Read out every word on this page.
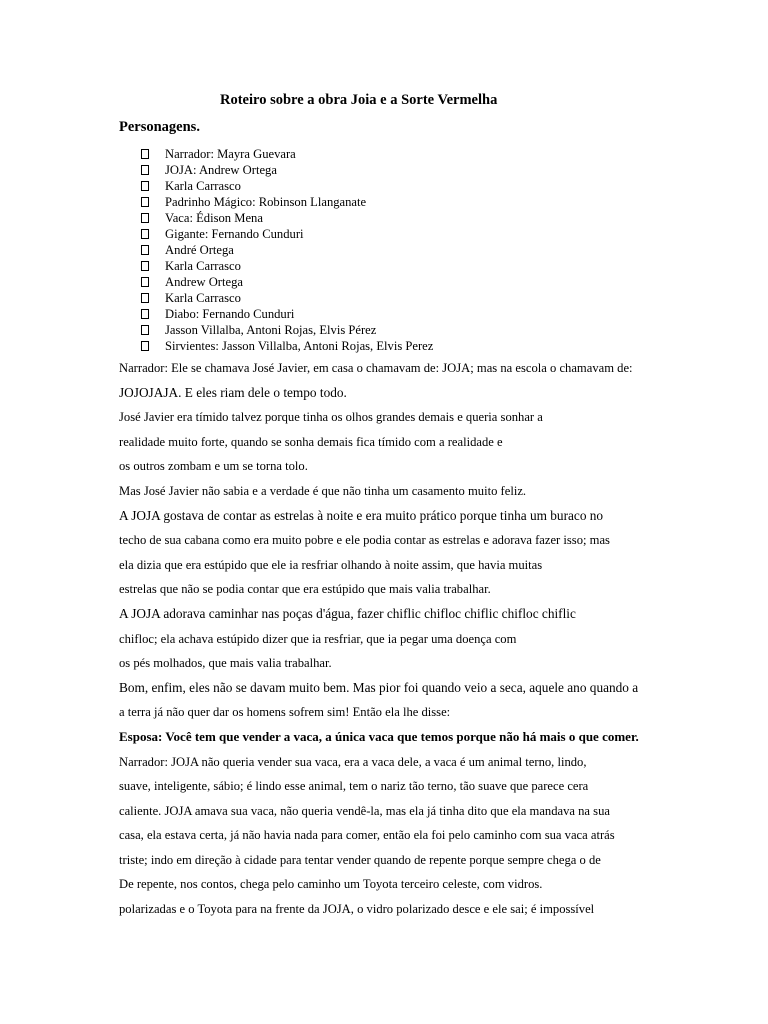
Roteiro sobre a obra Joia e a Sorte Vermelha
Personagens.
Narrador: Mayra Guevara
JOJA: Andrew Ortega
Karla Carrasco
Padrinho Mágico: Robinson Llanganate
Vaca: Édison Mena
Gigante: Fernando Cunduri
André Ortega
Karla Carrasco
Andrew Ortega
Karla Carrasco
Diabo: Fernando Cunduri
Jasson Villalba, Antoni Rojas, Elvis Pérez
Sirvientes: Jasson Villalba, Antoni Rojas, Elvis Perez
Narrador: Ele se chamava José Javier, em casa o chamavam de: JOJA; mas na escola o chamavam de:
JOJOJAJA. E eles riam dele o tempo todo.
José Javier era tímido talvez porque tinha os olhos grandes demais e queria sonhar a
realidade muito forte, quando se sonha demais fica tímido com a realidade e
os outros zombam e um se torna tolo.
Mas José Javier não sabia e a verdade é que não tinha um casamento muito feliz.
A JOJA gostava de contar as estrelas à noite e era muito prático porque tinha um buraco no
techo de sua cabana como era muito pobre e ele podia contar as estrelas e adorava fazer isso; mas
ela dizia que era estúpido que ele ia resfriar olhando à noite assim, que havia muitas
estrelas que não se podia contar que era estúpido que mais valia trabalhar.
A JOJA adorava caminhar nas poças d'água, fazer chiflic chifloc chiflic chifloc chiflic
chifloc; ela achava estúpido dizer que ia resfriar, que ia pegar uma doença com
os pés molhados, que mais valia trabalhar.
Bom, enfim, eles não se davam muito bem. Mas pior foi quando veio a seca, aquele ano quando a
a terra já não quer dar os homens sofrem sim! Então ela lhe disse:
Esposa: Você tem que vender a vaca, a única vaca que temos porque não há mais o que comer.
Narrador: JOJA não queria vender sua vaca, era a vaca dele, a vaca é um animal terno, lindo,
suave, inteligente, sábio; é lindo esse animal, tem o nariz tão terno, tão suave que parece cera
caliente. JOJA amava sua vaca, não queria vendê-la, mas ela já tinha dito que ela mandava na sua
casa, ela estava certa, já não havia nada para comer, então ela foi pelo caminho com sua vaca atrás
triste; indo em direção à cidade para tentar vender quando de repente porque sempre chega o de
De repente, nos contos, chega pelo caminho um Toyota terceiro celeste, com vidros.
polarizadas e o Toyota para na frente da JOJA, o vidro polarizado desce e ele sai; é impossível
